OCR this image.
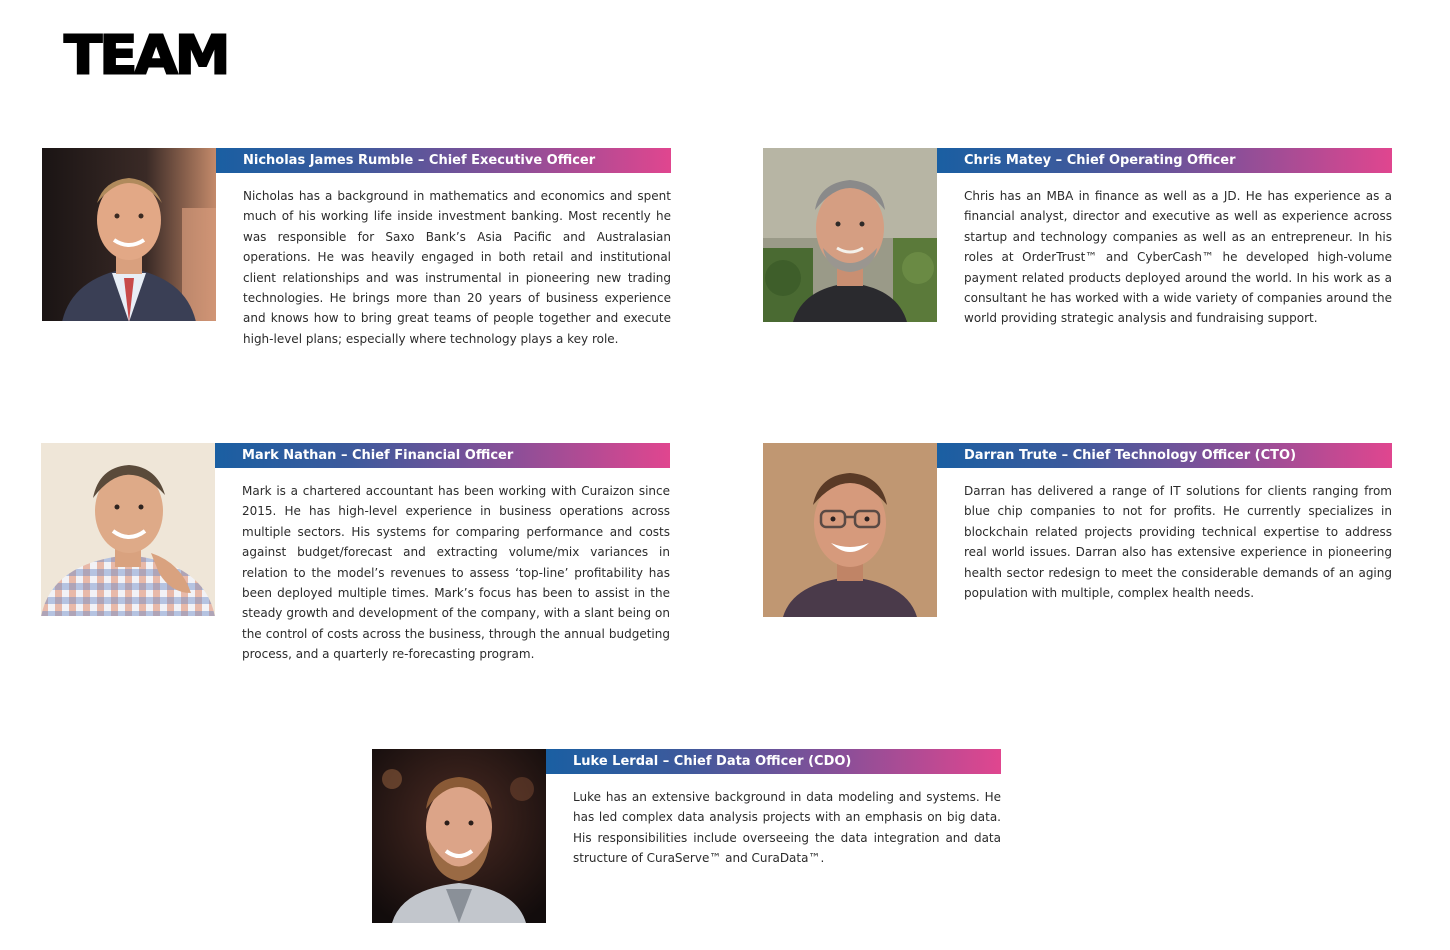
TEAM
Nicholas James Rumble – Chief Executive Officer
Nicholas has a background in mathematics and economics and spent much of his working life inside investment banking. Most recently he was responsible for Saxo Bank’s Asia Pacific and Australasian operations. He was heavily engaged in both retail and institutional client relationships and was instrumental in pioneering new trading technologies. He brings more than 20 years of business experience and knows how to bring great teams of people together and execute high-level plans; especially where technology plays a key role.
Chris Matey – Chief Operating Officer
Chris has an MBA in finance as well as a JD. He has experience as a financial analyst, director and executive as well as experience across startup and technology companies as well as an entrepreneur. In his roles at OrderTrust™ and CyberCash™ he developed high-volume payment related products deployed around the world. In his work as a consultant he has worked with a wide variety of companies around the world providing strategic analysis and fundraising support.
Mark Nathan – Chief Financial Officer
Mark is a chartered accountant has been working with Curaizon since 2015. He has high-level experience in business operations across multiple sectors. His systems for comparing performance and costs against budget/forecast and extracting volume/mix variances in relation to the model’s revenues to assess ‘top-line’ profitability has been deployed multiple times. Mark’s focus has been to assist in the steady growth and development of the company, with a slant being on the control of costs across the business, through the annual budgeting process, and a quarterly re-forecasting program.
Darran Trute – Chief Technology Officer (CTO)
Darran has delivered a range of IT solutions for clients ranging from blue chip companies to not for profits. He currently specializes in blockchain related projects providing technical expertise to address real world issues. Darran also has extensive experience in pioneering health sector redesign to meet the considerable demands of an aging population with multiple, complex health needs.
Luke Lerdal – Chief Data Officer (CDO)
Luke has an extensive background in data modeling and systems. He has led complex data analysis projects with an emphasis on big data. His responsibilities include overseeing the data integration and data structure of CuraServe™ and CuraData™.
